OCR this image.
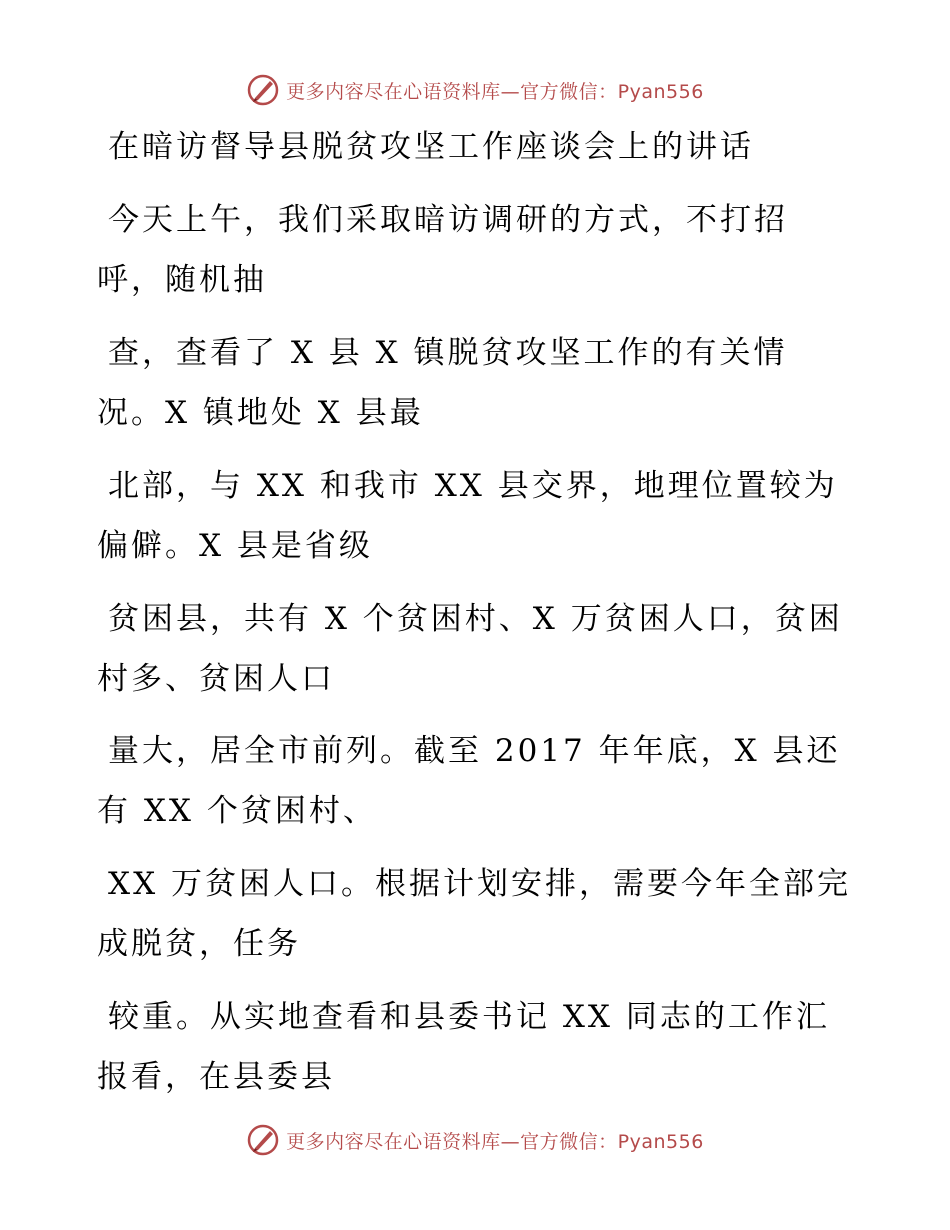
更多内容尽在心语资料库—官方微信：Pyan556
在暗访督导县脱贫攻坚工作座谈会上的讲话
今天上午，我们采取暗访调研的方式，不打招
呼，随机抽
查，查看了 X 县 X 镇脱贫攻坚工作的有关情
况。X 镇地处 X 县最
北部，与 XX 和我市 XX 县交界，地理位置较为
偏僻。X 县是省级
贫困县，共有 X 个贫困村、X 万贫困人口，贫困
村多、贫困人口
量大，居全市前列。截至 2017 年年底，X 县还
有 XX 个贫困村、
XX 万贫困人口。根据计划安排，需要今年全部完
成脱贫，任务
较重。从实地查看和县委书记 XX 同志的工作汇
报看，在县委县
更多内容尽在心语资料库—官方微信：Pyan556
